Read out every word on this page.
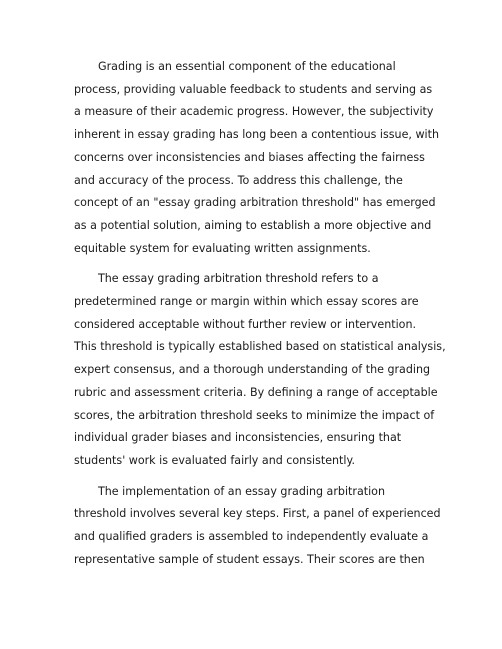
Grading is an essential component of the educational
process, providing valuable feedback to students and serving as
a measure of their academic progress. However, the subjectivity
inherent in essay grading has long been a contentious issue, with
concerns over inconsistencies and biases affecting the fairness
and accuracy of the process. To address this challenge, the
concept of an "essay grading arbitration threshold" has emerged
as a potential solution, aiming to establish a more objective and
equitable system for evaluating written assignments.
The essay grading arbitration threshold refers to a
predetermined range or margin within which essay scores are
considered acceptable without further review or intervention.
This threshold is typically established based on statistical analysis,
expert consensus, and a thorough understanding of the grading
rubric and assessment criteria. By defining a range of acceptable
scores, the arbitration threshold seeks to minimize the impact of
individual grader biases and inconsistencies, ensuring that
students' work is evaluated fairly and consistently.
The implementation of an essay grading arbitration
threshold involves several key steps. First, a panel of experienced
and qualified graders is assembled to independently evaluate a
representative sample of student essays. Their scores are then
